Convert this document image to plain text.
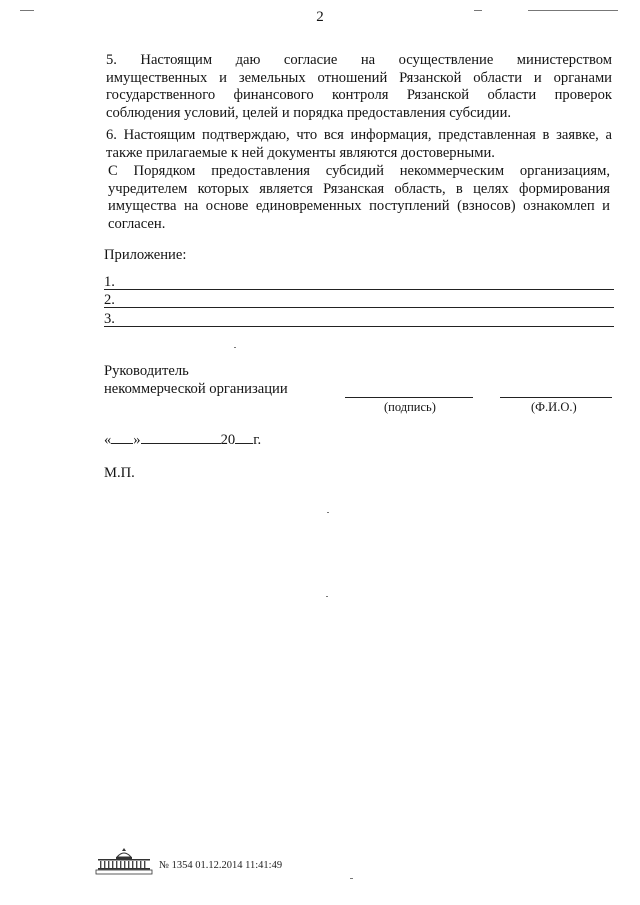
2
5. Настоящим даю согласие на осуществление министерством
имущественных и земельных отношений Рязанской области и органами
государственного финансового контроля Рязанской области проверок
соблюдения условий, целей и порядка предоставления субсидии.
6. Настоящим подтверждаю, что вся информация, представленная в заявке, а
также прилагаемые к ней документы являются достоверными.
С Порядком предоставления субсидий некоммерческим организациям,
учредителем которых является Рязанская область, в целях формирования
имущества на основе единовременных поступлений (взносов) ознакомлеп и
согласен.
Приложение:
1.
2.
3.
Руководитель
некоммерческой организации
(подпись)	(Ф.И.О.)
« »	20 г.
М.П.
№ 1354 01.12.2014 11:41:49
